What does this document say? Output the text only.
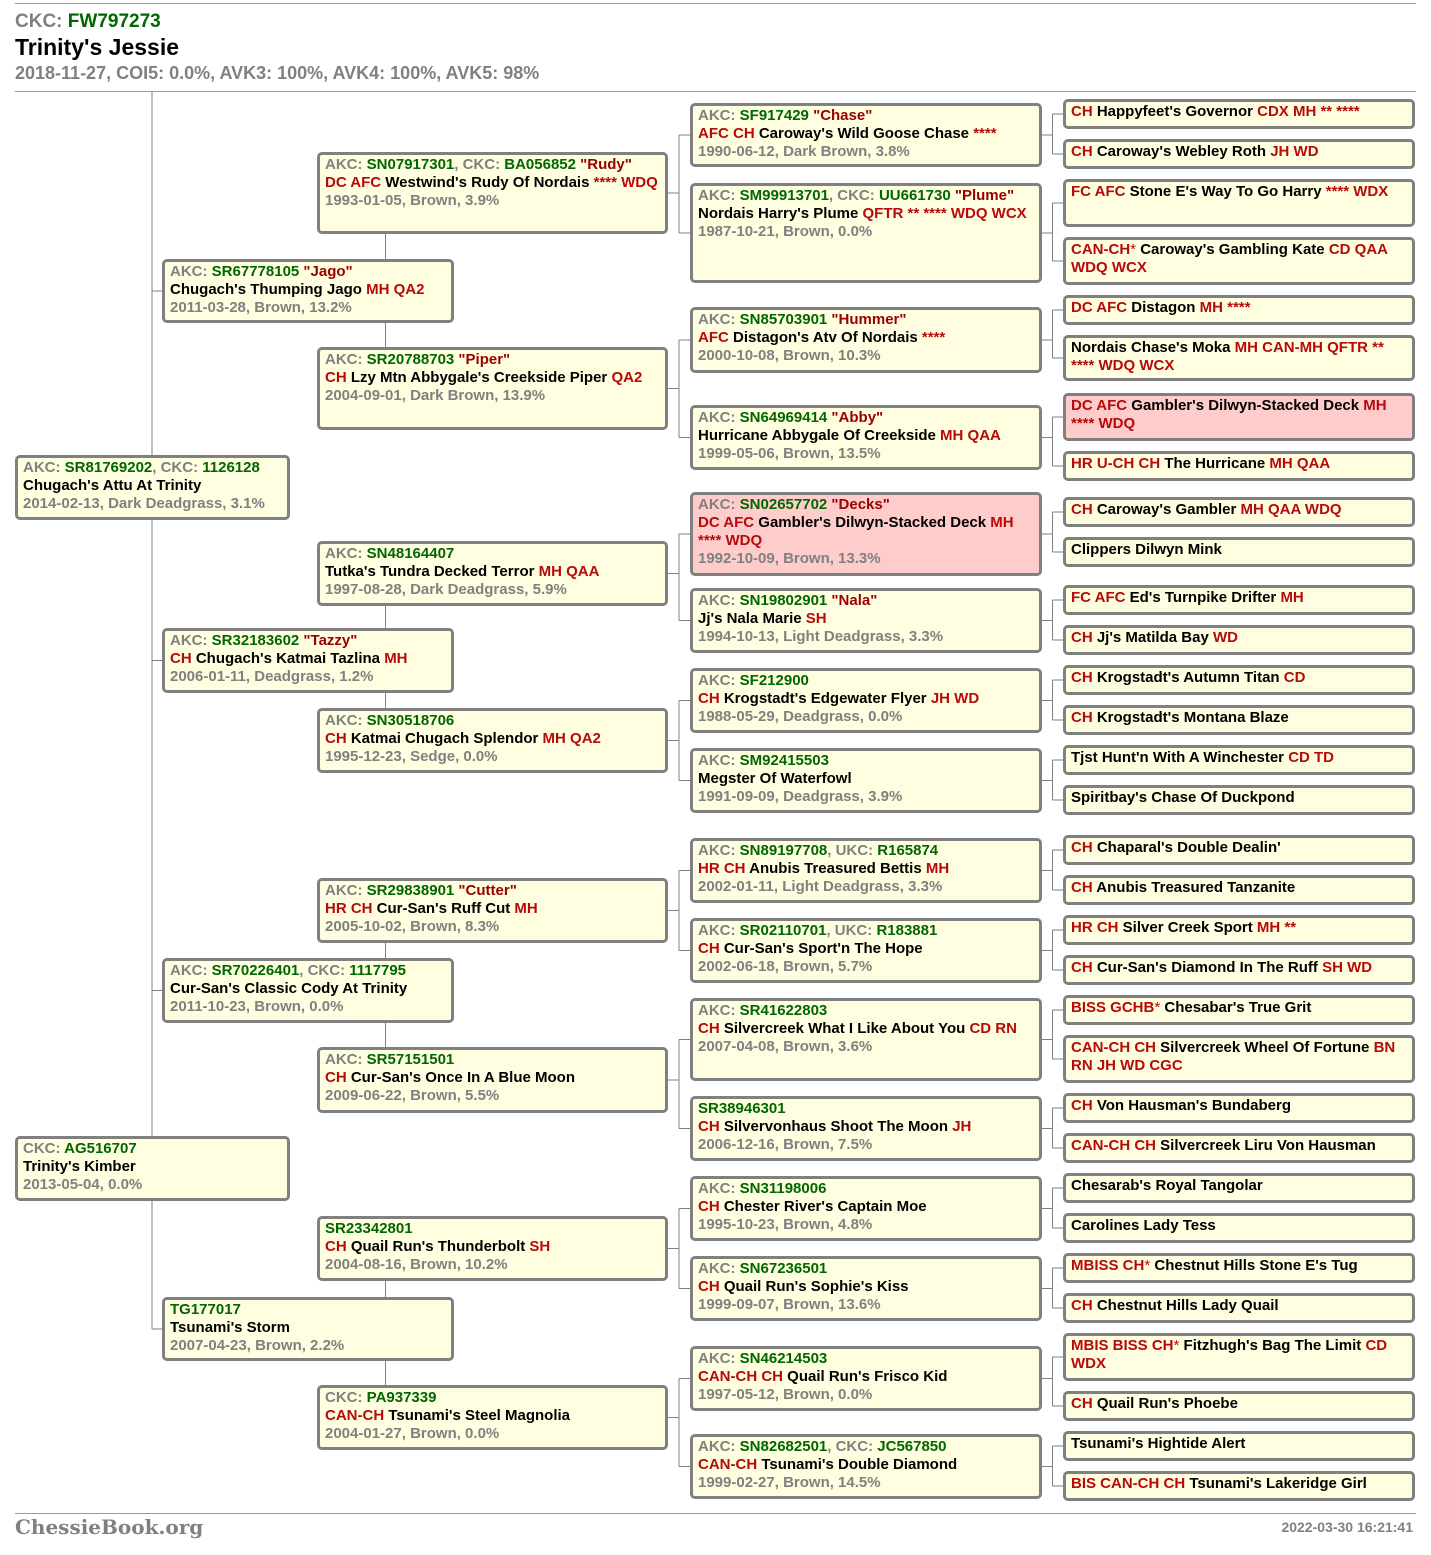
CKC: FW797273
Trinity's Jessie
2018-11-27, COI5: 0.0%, AVK3: 100%, AVK4: 100%, AVK5: 98%
AKC: SR81769202, CKC: 1126128
Chugach's Attu At Trinity
2014-02-13, Dark Deadgrass, 3.1%
CKC: AG516707
Trinity's Kimber
2013-05-04, 0.0%
AKC: SR67778105 "Jago"
Chugach's Thumping Jago MH QA2
2011-03-28, Brown, 13.2%
AKC: SR32183602 "Tazzy"
CH Chugach's Katmai Tazlina MH
2006-01-11, Deadgrass, 1.2%
AKC: SR70226401, CKC: 1117795
Cur-San's Classic Cody At Trinity
2011-10-23, Brown, 0.0%
TG177017
Tsunami's Storm
2007-04-23, Brown, 2.2%
AKC: SN07917301, CKC: BA056852 "Rudy"
DC AFC Westwind's Rudy Of Nordais **** WDQ
1993-01-05, Brown, 3.9%
AKC: SR20788703 "Piper"
CH Lzy Mtn Abbygale's Creekside Piper QA2
2004-09-01, Dark Brown, 13.9%
AKC: SN48164407
Tutka's Tundra Decked Terror MH QAA
1997-08-28, Dark Deadgrass, 5.9%
AKC: SN30518706
CH Katmai Chugach Splendor MH QA2
1995-12-23, Sedge, 0.0%
AKC: SR29838901 "Cutter"
HR CH Cur-San's Ruff Cut MH
2005-10-02, Brown, 8.3%
AKC: SR57151501
CH Cur-San's Once In A Blue Moon
2009-06-22, Brown, 5.5%
SR23342801
CH Quail Run's Thunderbolt SH
2004-08-16, Brown, 10.2%
CKC: PA937339
CAN-CH Tsunami's Steel Magnolia
2004-01-27, Brown, 0.0%
AKC: SF917429 "Chase"
AFC CH Caroway's Wild Goose Chase ****
1990-06-12, Dark Brown, 3.8%
AKC: SM99913701, CKC: UU661730 "Plume"
Nordais Harry's Plume QFTR ** **** WDQ WCX
1987-10-21, Brown, 0.0%
AKC: SN85703901 "Hummer"
AFC Distagon's Atv Of Nordais ****
2000-10-08, Brown, 10.3%
AKC: SN64969414 "Abby"
Hurricane Abbygale Of Creekside MH QAA
1999-05-06, Brown, 13.5%
AKC: SN02657702 "Decks"
DC AFC Gambler's Dilwyn-Stacked Deck MH **** WDQ
1992-10-09, Brown, 13.3%
AKC: SN19802901 "Nala"
Jj's Nala Marie SH
1994-10-13, Light Deadgrass, 3.3%
AKC: SF212900
CH Krogstadt's Edgewater Flyer JH WD
1988-05-29, Deadgrass, 0.0%
AKC: SM92415503
Megster Of Waterfowl
1991-09-09, Deadgrass, 3.9%
AKC: SN89197708, UKC: R165874
HR CH Anubis Treasured Bettis MH
2002-01-11, Light Deadgrass, 3.3%
AKC: SR02110701, UKC: R183881
CH Cur-San's Sport'n The Hope
2002-06-18, Brown, 5.7%
AKC: SR41622803
CH Silvercreek What I Like About You CD RN
2007-04-08, Brown, 3.6%
SR38946301
CH Silvervonhaus Shoot The Moon JH
2006-12-16, Brown, 7.5%
AKC: SN31198006
CH Chester River's Captain Moe
1995-10-23, Brown, 4.8%
AKC: SN67236501
CH Quail Run's Sophie's Kiss
1999-09-07, Brown, 13.6%
AKC: SN46214503
CAN-CH CH Quail Run's Frisco Kid
1997-05-12, Brown, 0.0%
AKC: SN82682501, CKC: JC567850
CAN-CH Tsunami's Double Diamond
1999-02-27, Brown, 14.5%
CH Happyfeet's Governor CDX MH ** ****
CH Caroway's Webley Roth JH WD
FC AFC Stone E's Way To Go Harry **** WDX
CAN-CH* Caroway's Gambling Kate CD QAA WDQ WCX
DC AFC Distagon MH ****
Nordais Chase's Moka MH CAN-MH QFTR ** **** WDQ WCX
DC AFC Gambler's Dilwyn-Stacked Deck MH **** WDQ
HR U-CH CH The Hurricane MH QAA
CH Caroway's Gambler MH QAA WDQ
Clippers Dilwyn Mink
FC AFC Ed's Turnpike Drifter MH
CH Jj's Matilda Bay WD
CH Krogstadt's Autumn Titan CD
CH Krogstadt's Montana Blaze
Tjst Hunt'n With A Winchester CD TD
Spiritbay's Chase Of Duckpond
CH Chaparal's Double Dealin'
CH Anubis Treasured Tanzanite
HR CH Silver Creek Sport MH **
CH Cur-San's Diamond In The Ruff SH WD
BISS GCHB* Chesabar's True Grit
CAN-CH CH Silvercreek Wheel Of Fortune BN RN JH WD CGC
CH Von Hausman's Bundaberg
CAN-CH CH Silvercreek Liru Von Hausman
Chesarab's Royal Tangolar
Carolines Lady Tess
MBISS CH* Chestnut Hills Stone E's Tug
CH Chestnut Hills Lady Quail
MBIS BISS CH* Fitzhugh's Bag The Limit CD WDX
CH Quail Run's Phoebe
Tsunami's Hightide Alert
BIS CAN-CH CH Tsunami's Lakeridge Girl
ChessieBook.org	2022-03-30 16:21:41
